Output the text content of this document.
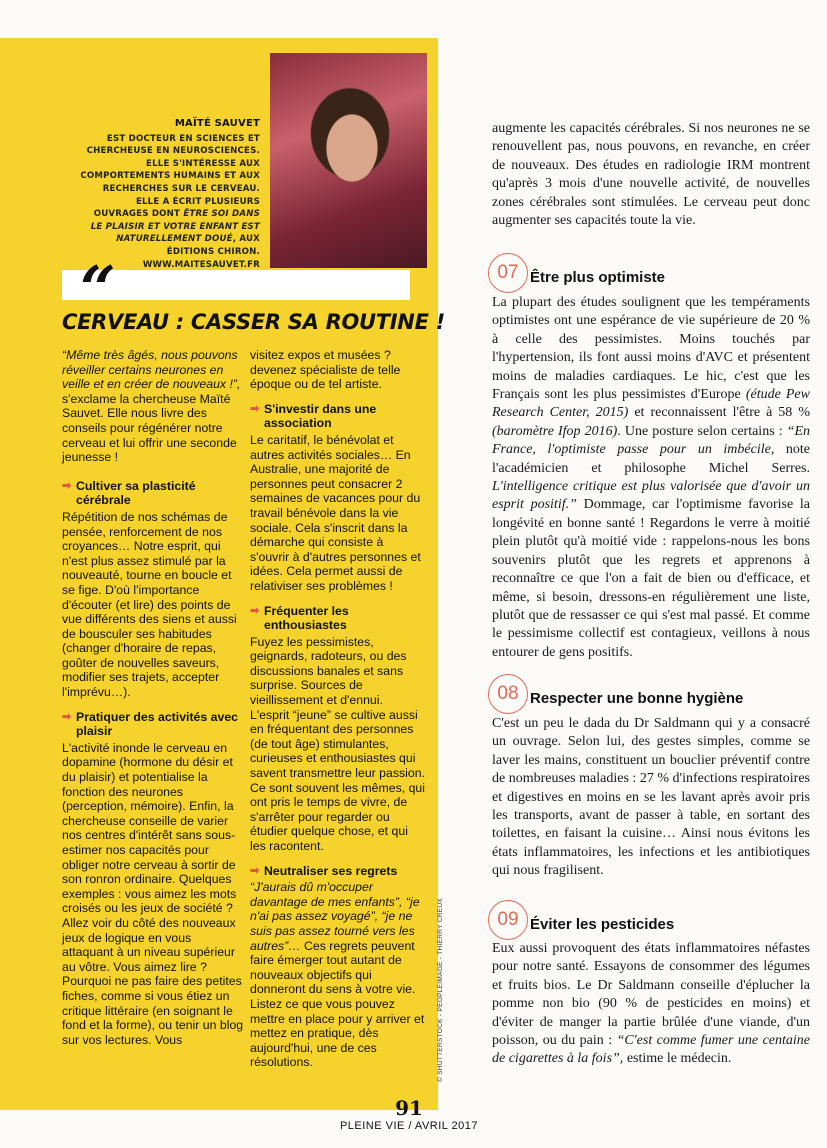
MAÏTÉ SAUVET
EST DOCTEUR EN SCIENCES ET CHERCHEUSE EN NEUROSCIENCES. ELLE S'INTÉRESSE AUX COMPORTEMENTS HUMAINS ET AUX RECHERCHES SUR LE CERVEAU. ELLE A ÉCRIT PLUSIEURS OUVRAGES DONT ÊTRE SOI DANS LE PLAISIR ET VOTRE ENFANT EST NATURELLEMENT DOUÉ, AUX ÉDITIONS CHIRON.
WWW.MAITESAUVET.FR
“
CERVEAU : CASSER SA ROUTINE !

“Même très âgés, nous pouvons réveiller certains neurones en veille et en créer de nouveaux !”, s'exclame la chercheuse Maïté Sauvet. Elle nous livre des conseils pour régénérer notre cerveau et lui offrir une seconde jeunesse !

➡ Cultiver sa plasticité cérébrale

Répétition de nos schémas de pensée, renforcement de nos croyances… Notre esprit, qui n'est plus assez stimulé par la nouveauté, tourne en boucle et se fige. D'où l'importance d'écouter (et lire) des points de vue différents des siens et aussi de bousculer ses habitudes (changer d'horaire de repas, goûter de nouvelles saveurs, modifier ses trajets, accepter l'imprévu…).

➡ Pratiquer des activités avec plaisir

L'activité inonde le cerveau en dopamine (hormone du désir et du plaisir) et potentialise la fonction des neurones (perception, mémoire). Enfin, la chercheuse conseille de varier nos centres d'intérêt sans sous-estimer nos capacités pour obliger notre cerveau à sortir de son ronron ordinaire. Quelques exemples : vous aimez les mots croisés ou les jeux de société ? Allez voir du côté des nouveaux jeux de logique en vous attaquant à un niveau supérieur au vôtre. Vous aimez lire ? Pourquoi ne pas faire des petites fiches, comme si vous étiez un critique littéraire (en soignant le fond et la forme), ou tenir un blog sur vos lectures. Vous

visitez expos et musées ? devenez spécialiste de telle époque ou de tel artiste.

➡ S'investir dans une association

Le caritatif, le bénévolat et autres activités sociales… En Australie, une majorité de personnes peut consacrer 2 semaines de vacances pour du travail bénévole dans la vie sociale. Cela s'inscrit dans la démarche qui consiste à s'ouvrir à d'autres personnes et idées. Cela permet aussi de relativiser ses problèmes !

➡ Fréquenter les enthousiastes

Fuyez les pessimistes, geignards, radoteurs, ou des discussions banales et sans surprise. Sources de vieillissement et d'ennui. L'esprit “jeune” se cultive aussi en fréquentant des personnes (de tout âge) stimulantes, curieuses et enthousiastes qui savent transmettre leur passion. Ce sont souvent les mêmes, qui ont pris le temps de vivre, de s'arrêter pour regarder ou étudier quelque chose, et qui les racontent.

➡ Neutraliser ses regrets

“J'aurais dû m'occuper davantage de mes enfants”, “je n'ai pas assez voyagé”, “je ne suis pas assez tourné vers les autres”… Ces regrets peuvent faire émerger tout autant de nouveaux objectifs qui donneront du sens à votre vie. Listez ce que vous pouvez mettre en place pour y arriver et mettez en pratique, dès aujourd'hui, une de ces résolutions.	© SHUTTERSTOCK - PEOPLEIMAGE - THIERRY CREUX

augmente les capacités cérébrales. Si nos neurones ne se renouvellent pas, nous pouvons, en revanche, en créer de nouveaux. Des études en radiologie IRM montrent qu'après 3 mois d'une nouvelle activité, de nouvelles zones cérébrales sont stimulées. Le cerveau peut donc augmenter ses capacités toute la vie.

07 Être plus optimiste

La plupart des études soulignent que les tempéraments optimistes ont une espérance de vie supérieure de 20 % à celle des pessimistes. Moins touchés par l'hypertension, ils font aussi moins d'AVC et présentent moins de maladies cardiaques. Le hic, c'est que les Français sont les plus pessimistes d'Europe (étude Pew Research Center, 2015) et reconnaissent l'être à 58 % (baromètre Ifop 2016). Une posture selon certains : “En France, l'optimiste passe pour un imbécile, note l'académicien et philosophe Michel Serres. L'intelligence critique est plus valorisée que d'avoir un esprit positif.” Dommage, car l'optimisme favorise la longévité en bonne santé ! Regardons le verre à moitié plein plutôt qu'à moitié vide : rappelons-nous les bons souvenirs plutôt que les regrets et apprenons à reconnaître ce que l'on a fait de bien ou d'efficace, et même, si besoin, dressons-en régulièrement une liste, plutôt que de ressasser ce qui s'est mal passé. Et comme le pessimisme collectif est contagieux, veillons à nous entourer de gens positifs.

08 Respecter une bonne hygiène

C'est un peu le dada du Dr Saldmann qui y a consacré un ouvrage. Selon lui, des gestes simples, comme se laver les mains, constituent un bouclier préventif contre de nombreuses maladies : 27 % d'infections respiratoires et digestives en moins en se les lavant après avoir pris les transports, avant de passer à table, en sortant des toilettes, en faisant la cuisine… Ainsi nous évitons les états inflammatoires, les infections et les antibiotiques qui nous fragilisent.

09 Éviter les pesticides

Eux aussi provoquent des états inflammatoires néfastes pour notre santé. Essayons de consommer des légumes et fruits bios. Le Dr Saldmann conseille d'éplucher la pomme non bio (90 % de pesticides en moins) et d'éviter de manger la partie brûlée d'une viande, d'un poisson, ou du pain : “C'est comme fumer une centaine de cigarettes à la fois”, estime le médecin.

91
PLEINE VIE / AVRIL 2017
